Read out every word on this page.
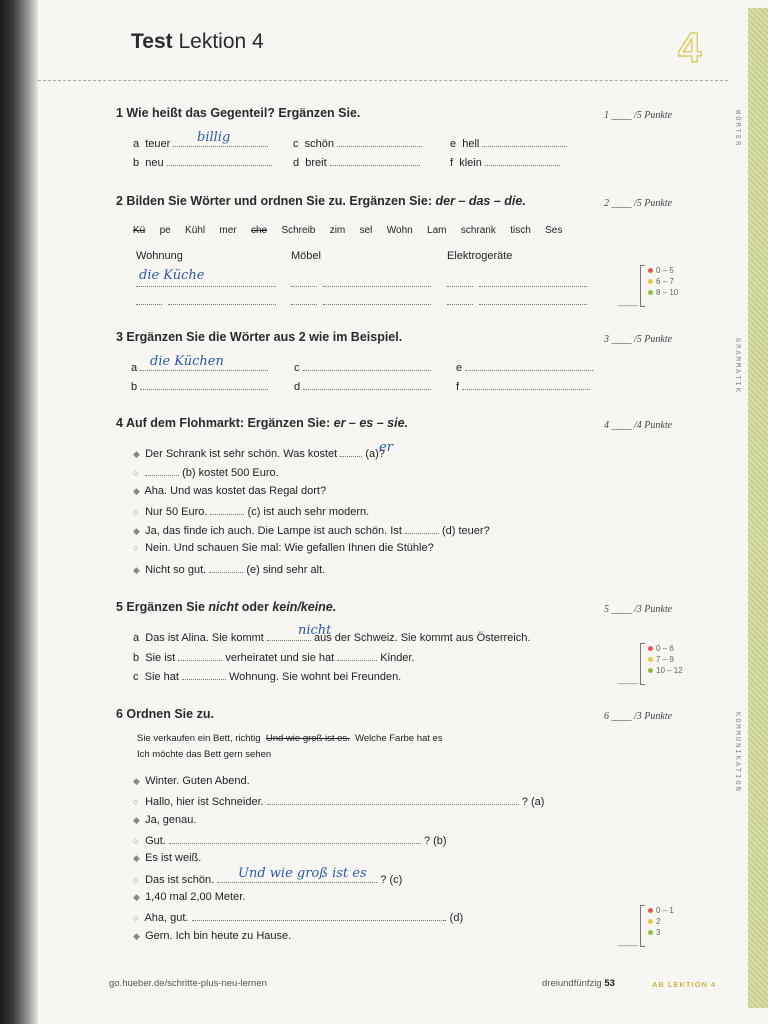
WÖRTER
GRAMMATIK
KOMMUNIKATION
Test Lektion 4	4
1 Wie heißt das Gegenteil? Ergänzen Sie.	1 ____ /5 Punkte
a teuer	billig
b neu
c schön
d breit
e hell
f klein
2 Bilden Sie Wörter und ordnen Sie zu. Ergänzen Sie: der – das – die.	2 ____ /5 Punkte
Kü pe Kühl mer che Schreib zim sel Wohn Lam schrank tisch Ses
Wohnung	Möbel	Elektrogeräte
die Küche

	0 – 5
6 – 7
8 – 10
____
3 Ergänzen Sie die Wörter aus 2 wie im Beispiel.	3 ____ /5 Punkte
die Küchen
a
b
c
d
e
f
4 Auf dem Flohmarkt: Ergänzen Sie: er – es – sie.	4 ____ /4 Punkte
◆ Der Schrank ist sehr schön. Was kostet  (a)?
er
○	(b) kostet 500 Euro.
◆ Aha. Und was kostet das Regal dort?
○ Nur 50 Euro.	(c) ist auch sehr modern.
◆ Ja, das finde ich auch. Die Lampe ist auch schön. Ist	(d) teuer?
○ Nein. Und schauen Sie mal: Wie gefallen Ihnen die Stühle?
◆ Nicht so gut.	(e) sind sehr alt.
5 Ergänzen Sie nicht oder kein/keine.	5 ____ /3 Punkte
a Das ist Alina. Sie kommt	aus der Schweiz. Sie kommt aus Österreich.
nicht
b Sie ist	verheiratet und sie hat	Kinder.
c Sie hat	Wohnung. Sie wohnt bei Freunden.
0 – 6
7 – 9
10 – 12
____
6 Ordnen Sie zu.	6 ____ /3 Punkte
Sie verkaufen ein Bett, richtig Und wie groß ist es. Welche Farbe hat es
Ich möchte das Bett gern sehen
◆ Winter. Guten Abend.
○ Hallo, hier ist Schneider.	? (a)
◆ Ja, genau.
○ Gut.	? (b)
◆ Es ist weiß.
○ Das ist schön.	? (c)
Und wie groß ist es
◆ 1,40 mal 2,00 Meter.
○ Aha, gut.	. (d)
◆ Gern. Ich bin heute zu Hause.
0 – 1
2
3
____
go.hueber.de/schritte-plus-neu-lernen	dreiundfünfzig 53	AB LEKTION 4
